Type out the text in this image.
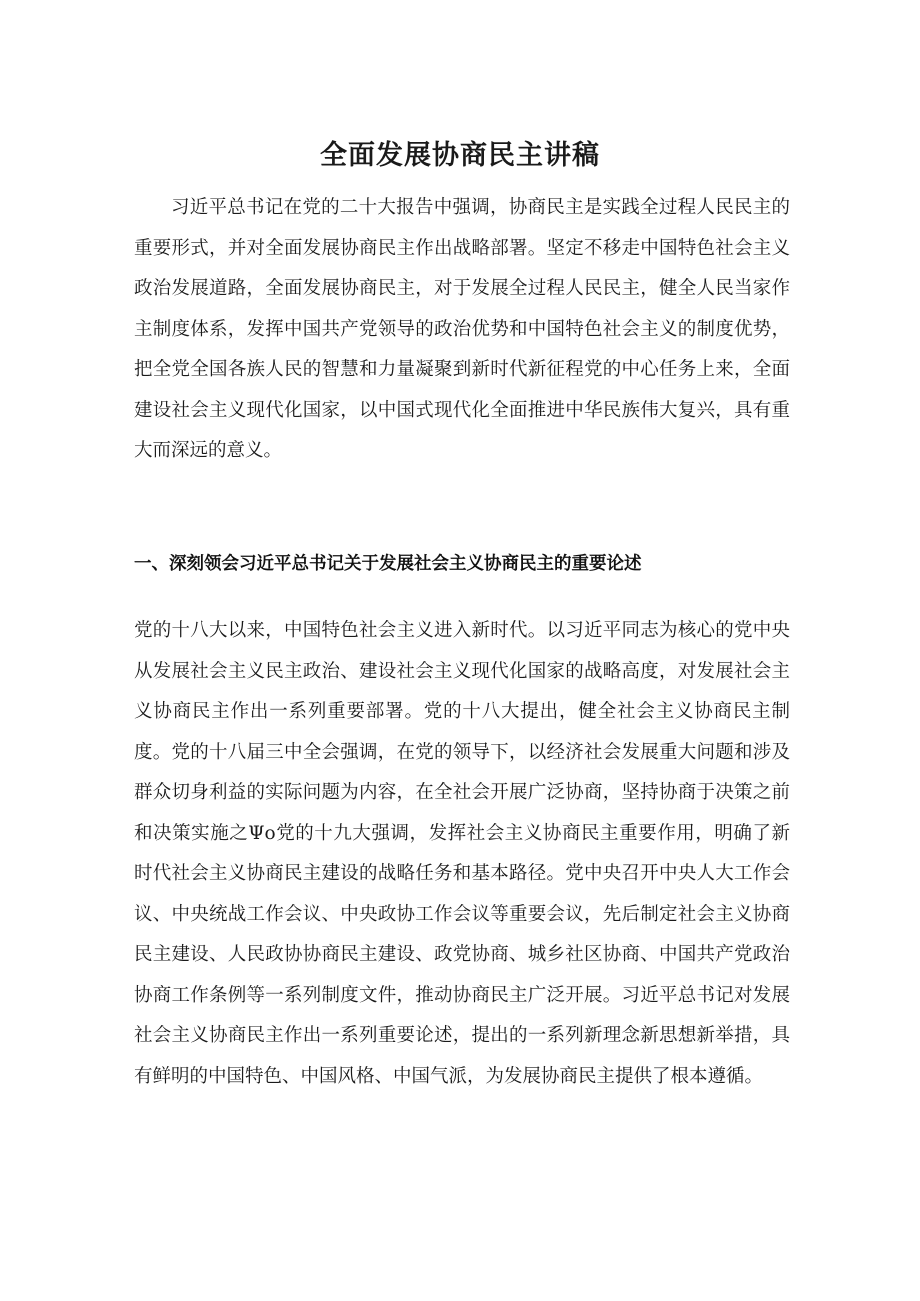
全面发展协商民主讲稿

习近平总书记在党的二十大报告中强调，协商民主是实践全过程人民民主的重要形式，并对全面发展协商民主作出战略部署。坚定不移走中国特色社会主义政治发展道路，全面发展协商民主，对于发展全过程人民民主，健全人民当家作主制度体系，发挥中国共产党领导的政治优势和中国特色社会主义的制度优势，把全党全国各族人民的智慧和力量凝聚到新时代新征程党的中心任务上来，全面建设社会主义现代化国家，以中国式现代化全面推进中华民族伟大复兴，具有重大而深远的意义。

一、深刻领会习近平总书记关于发展社会主义协商民主的重要论述

党的十八大以来，中国特色社会主义进入新时代。以习近平同志为核心的党中央从发展社会主义民主政治、建设社会主义现代化国家的战略高度，对发展社会主义协商民主作出一系列重要部署。党的十八大提出，健全社会主义协商民主制度。党的十八届三中全会强调，在党的领导下，以经济社会发展重大问题和涉及群众切身利益的实际问题为内容，在全社会开展广泛协商，坚持协商于决策之前和决策实施之Ψo党的十九大强调，发挥社会主义协商民主重要作用，明确了新时代社会主义协商民主建设的战略任务和基本路径。党中央召开中央人大工作会议、中央统战工作会议、中央政协工作会议等重要会议，先后制定社会主义协商民主建设、人民政协协商民主建设、政党协商、城乡社区协商、中国共产党政治协商工作条例等一系列制度文件，推动协商民主广泛开展。习近平总书记对发展社会主义协商民主作出一系列重要论述，提出的一系列新理念新思想新举措，具有鲜明的中国特色、中国风格、中国气派，为发展协商民主提供了根本遵循。
